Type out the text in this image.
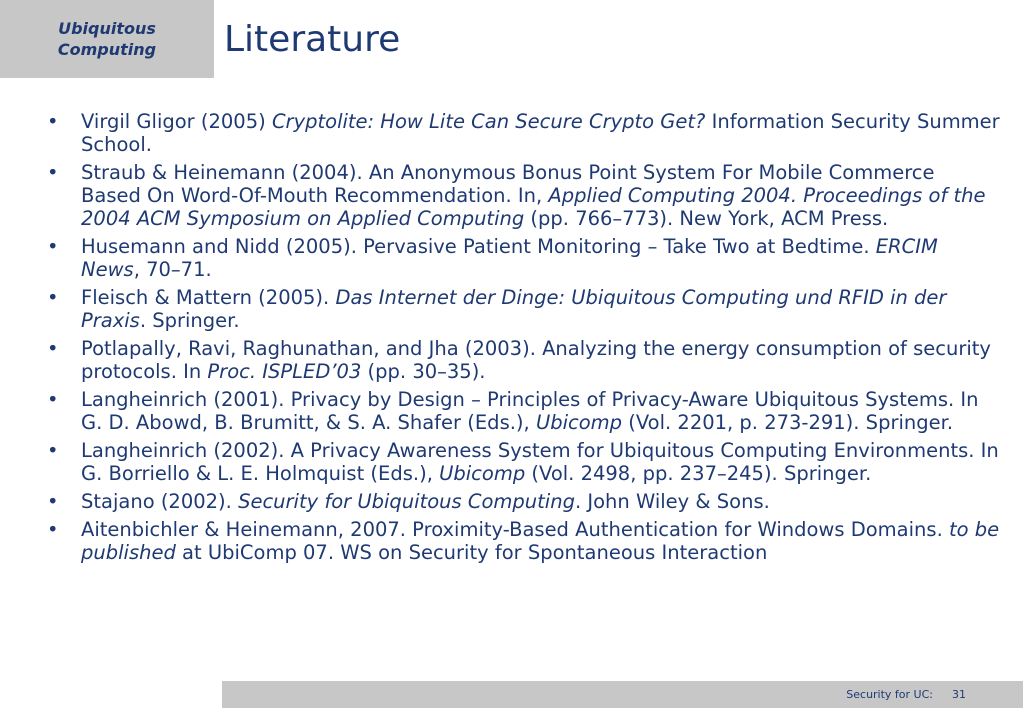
Ubiquitous
Computing Literature
• Virgil Gligor (2005) Cryptolite: How Lite Can Secure Crypto Get? Information Security Summer School.
• Straub & Heinemann (2004). An Anonymous Bonus Point System For Mobile Commerce Based On Word-Of-Mouth Recommendation. In, Applied Computing 2004. Proceedings of the 2004 ACM Symposium on Applied Computing (pp. 766–773). New York, ACM Press.
• Husemann and Nidd (2005). Pervasive Patient Monitoring – Take Two at Bedtime. ERCIM News, 70–71.
• Fleisch & Mattern (2005). Das Internet der Dinge: Ubiquitous Computing und RFID in der Praxis. Springer.
• Potlapally, Ravi, Raghunathan, and Jha (2003). Analyzing the energy consumption of security protocols. In Proc. ISPLED’03 (pp. 30–35).
• Langheinrich (2001). Privacy by Design – Principles of Privacy-Aware Ubiquitous Systems. In G. D. Abowd, B. Brumitt, & S. A. Shafer (Eds.), Ubicomp (Vol. 2201, p. 273-291). Springer.
• Langheinrich (2002). A Privacy Awareness System for Ubiquitous Computing Environments. In G. Borriello & L. E. Holmquist (Eds.), Ubicomp (Vol. 2498, pp. 237–245). Springer.
• Stajano (2002). Security for Ubiquitous Computing. John Wiley & Sons.
• Aitenbichler & Heinemann, 2007. Proximity-Based Authentication for Windows Domains. to be published at UbiComp 07. WS on Security for Spontaneous Interaction
Security for UC: 31
